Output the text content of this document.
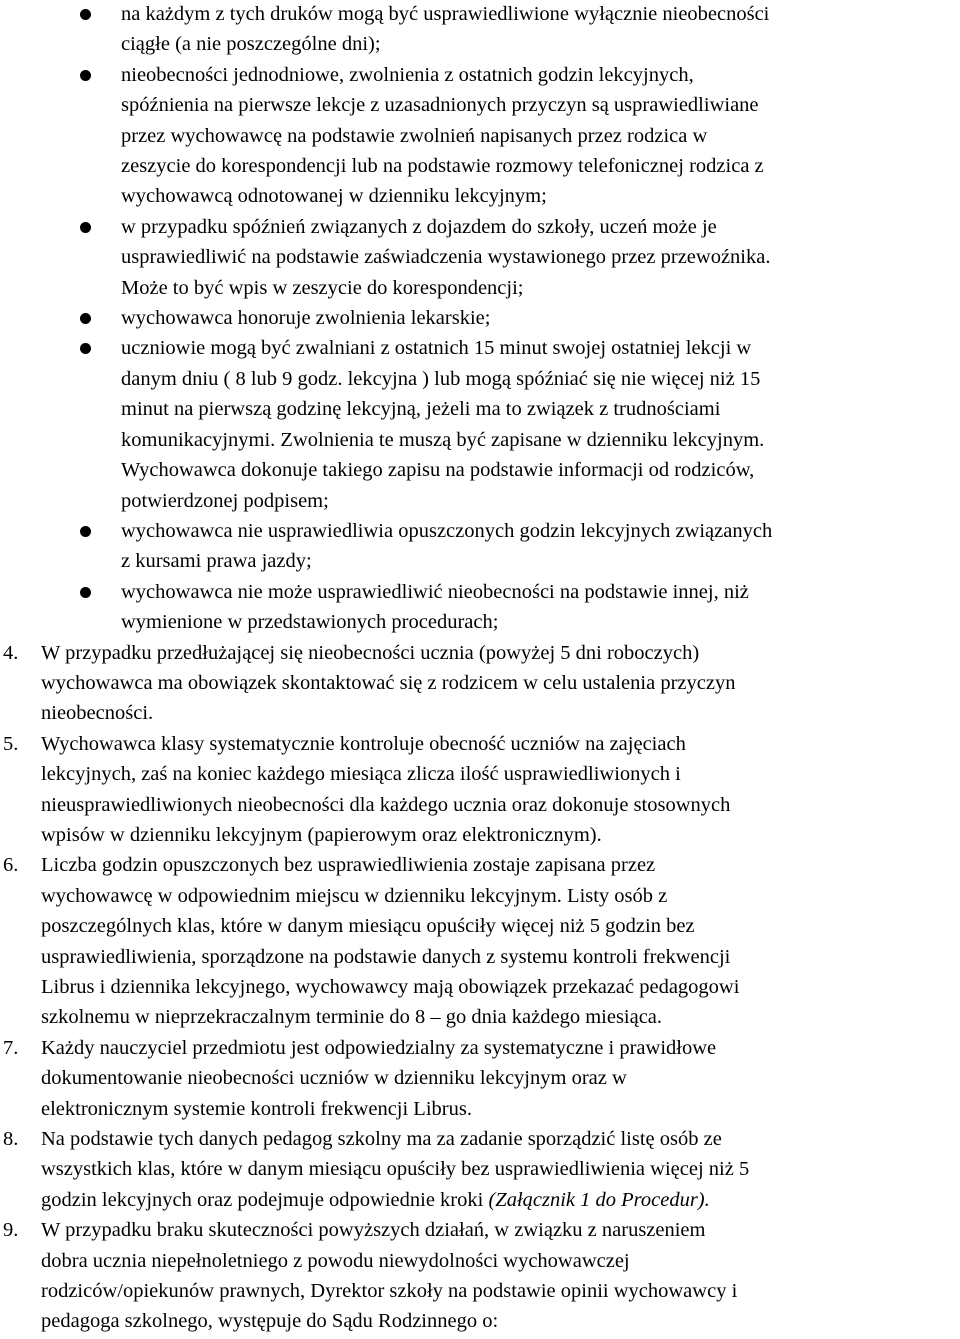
na każdym z tych druków mogą być usprawiedliwione wyłącznie nieobecności
ciągłe (a nie poszczególne dni);
nieobecności jednodniowe, zwolnienia z ostatnich godzin lekcyjnych,
spóźnienia na pierwsze lekcje z uzasadnionych przyczyn są usprawiedliwiane
przez wychowawcę na podstawie zwolnień napisanych przez rodzica w
zeszycie do korespondencji lub na podstawie rozmowy telefonicznej rodzica z
wychowawcą odnotowanej w dzienniku lekcyjnym;
w przypadku spóźnień związanych z dojazdem do szkoły, uczeń może je
usprawiedliwić na podstawie zaświadczenia wystawionego przez przewoźnika.
Może to być wpis w zeszycie do korespondencji;
wychowawca honoruje zwolnienia lekarskie;
uczniowie mogą być zwalniani z ostatnich 15 minut swojej ostatniej lekcji w
danym dniu ( 8 lub 9 godz. lekcyjna ) lub mogą spóźniać się nie więcej niż 15
minut na pierwszą godzinę lekcyjną, jeżeli ma to związek z trudnościami
komunikacyjnymi. Zwolnienia te muszą być zapisane w dzienniku lekcyjnym.
Wychowawca dokonuje takiego zapisu na podstawie informacji od rodziców,
potwierdzonej podpisem;
wychowawca nie usprawiedliwia opuszczonych godzin lekcyjnych związanych
z kursami prawa jazdy;
wychowawca nie może usprawiedliwić nieobecności na podstawie innej, niż
wymienione w przedstawionych procedurach;
4. W przypadku przedłużającej się nieobecności ucznia (powyżej 5 dni roboczych)
wychowawca ma obowiązek skontaktować się z rodzicem w celu ustalenia przyczyn
nieobecności.
5. Wychowawca klasy systematycznie kontroluje obecność uczniów na zajęciach
lekcyjnych, zaś na koniec każdego miesiąca zlicza ilość usprawiedliwionych i
nieusprawiedliwionych nieobecności dla każdego ucznia oraz dokonuje stosownych
wpisów w dzienniku lekcyjnym (papierowym oraz elektronicznym).
6. Liczba godzin opuszczonych bez usprawiedliwienia zostaje zapisana przez
wychowawcę w odpowiednim miejscu w dzienniku lekcyjnym. Listy osób z
poszczególnych klas, które w danym miesiącu opuściły więcej niż 5 godzin bez
usprawiedliwienia, sporządzone na podstawie danych z systemu kontroli frekwencji
Librus i dziennika lekcyjnego, wychowawcy mają obowiązek przekazać pedagogowi
szkolnemu w nieprzekraczalnym terminie do 8 – go dnia każdego miesiąca.
7. Każdy nauczyciel przedmiotu jest odpowiedzialny za systematyczne i prawidłowe
dokumentowanie nieobecności uczniów w dzienniku lekcyjnym oraz w
elektronicznym systemie kontroli frekwencji Librus.
8. Na podstawie tych danych pedagog szkolny ma za zadanie sporządzić listę osób ze
wszystkich klas, które w danym miesiącu opuściły bez usprawiedliwienia więcej niż 5
godzin lekcyjnych oraz podejmuje odpowiednie kroki (Załącznik 1 do Procedur).
9. W przypadku braku skuteczności powyższych działań, w związku z naruszeniem
dobra ucznia niepełnoletniego z powodu niewydolności wychowawczej
rodziców/opiekunów prawnych, Dyrektor szkoły na podstawie opinii wychowawcy i
pedagoga szkolnego, występuje do Sądu Rodzinnego o:
